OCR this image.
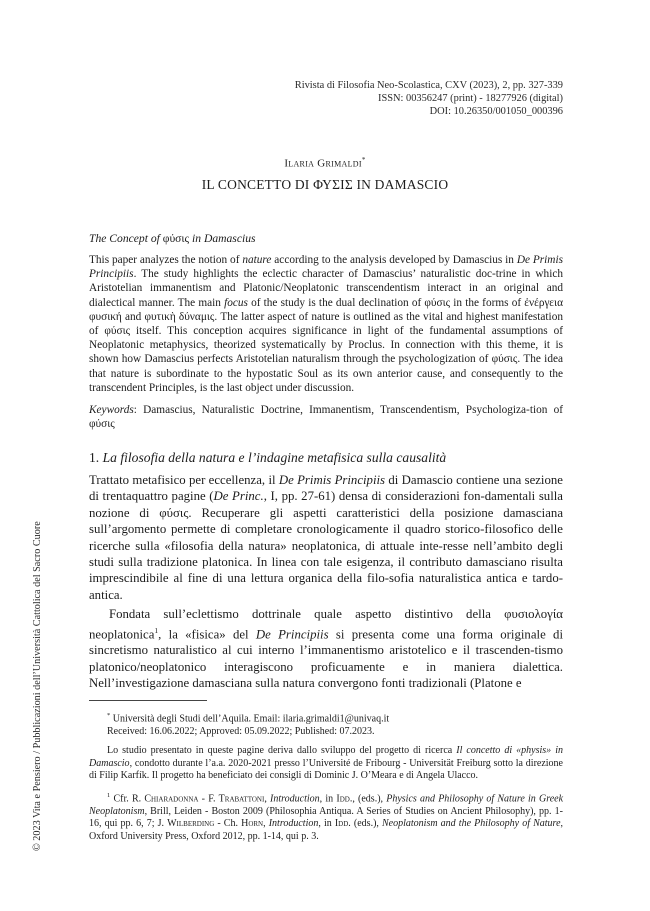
Rivista di Filosofia Neo-Scolastica, CXV (2023), 2, pp. 327-339
ISSN: 00356247 (print) - 18277926 (digital)
DOI: 10.26350/001050_000396
Ilaria Grimaldi*
IL CONCETTO DI ΦΥΣΙΣ IN DAMASCIO
The Concept of φύσις in Damascius
This paper analyzes the notion of nature according to the analysis developed by Damascius in De Primis Principiis. The study highlights the eclectic character of Damascius’ naturalistic doc-trine in which Aristotelian immanentism and Platonic/Neoplatonic transcendentism interact in an original and dialectical manner. The main focus of the study is the dual declination of φύσις in the forms of ἐνέργεια φυσική and φυτικὴ δύναμις. The latter aspect of nature is outlined as the vital and highest manifestation of φύσις itself. This conception acquires significance in light of the fundamental assumptions of Neoplatonic metaphysics, theorized systematically by Proclus. In connection with this theme, it is shown how Damascius perfects Aristotelian naturalism through the psychologization of φύσις. The idea that nature is subordinate to the hypostatic Soul as its own anterior cause, and consequently to the transcendent Principles, is the last object under discussion.
Keywords: Damascius, Naturalistic Doctrine, Immanentism, Transcendentism, Psychologiza-tion of φύσις
1. La filosofia della natura e l’indagine metafisica sulla causalità

Trattato metafisico per eccellenza, il De Primis Principiis di Damascio contiene una sezione di trentaquattro pagine (De Princ., I, pp. 27-61) densa di considerazioni fon-damentali sulla nozione di φύσις. Recuperare gli aspetti caratteristici della posizione damasciana sull’argomento permette di completare cronologicamente il quadro storico-filosofico delle ricerche sulla «filosofia della natura» neoplatonica, di attuale inte-resse nell’ambito degli studi sulla tradizione platonica. In linea con tale esigenza, il contributo damasciano risulta imprescindibile al fine di una lettura organica della filo-sofia naturalistica antica e tardo-antica.

Fondata sull’eclettismo dottrinale quale aspetto distintivo della φυσιολογία neoplatonica$^1$, la «fisica» del De Principiis si presenta come una forma originale di sincretismo naturalistico al cui interno l’immanentismo aristotelico e il trascenden-tismo platonico/neoplatonico interagiscono proficuamente e in maniera dialettica. Nell’investigazione damasciana sulla natura convergono fonti tradizionali (Platone e

* Università degli Studi dell’Aquila. Email: ilaria.grimaldi1@univaq.it

Received: 16.06.2022; Approved: 05.09.2022; Published: 07.2023.

Lo studio presentato in queste pagine deriva dallo sviluppo del progetto di ricerca Il concetto di «physis» in Damascio, condotto durante l’a.a. 2020-2021 presso l’Université de Fribourg - Universität Freiburg sotto la direzione di Filip Karfík. Il progetto ha beneficiato dei consigli di Dominic J. O’Meara e di Angela Ulacco.

$^1$ Cfr. R. Chiaradonna - F. Trabattoni, Introduction, in Idd., (eds.), Physics and Philosophy of Nature in Greek Neoplatonism, Brill, Leiden - Boston 2009 (Philosophia Antiqua. A Series of Studies on Ancient Philosophy), pp. 1-16, qui pp. 6, 7; J. Wilberding - Ch. Horn, Introduction, in Idd. (eds.), Neoplatonism and the Philosophy of Nature, Oxford University Press, Oxford 2012, pp. 1-14, qui p. 3.

© 2023 Vita e Pensiero / Pubblicazioni dell’Università Cattolica del Sacro Cuore
